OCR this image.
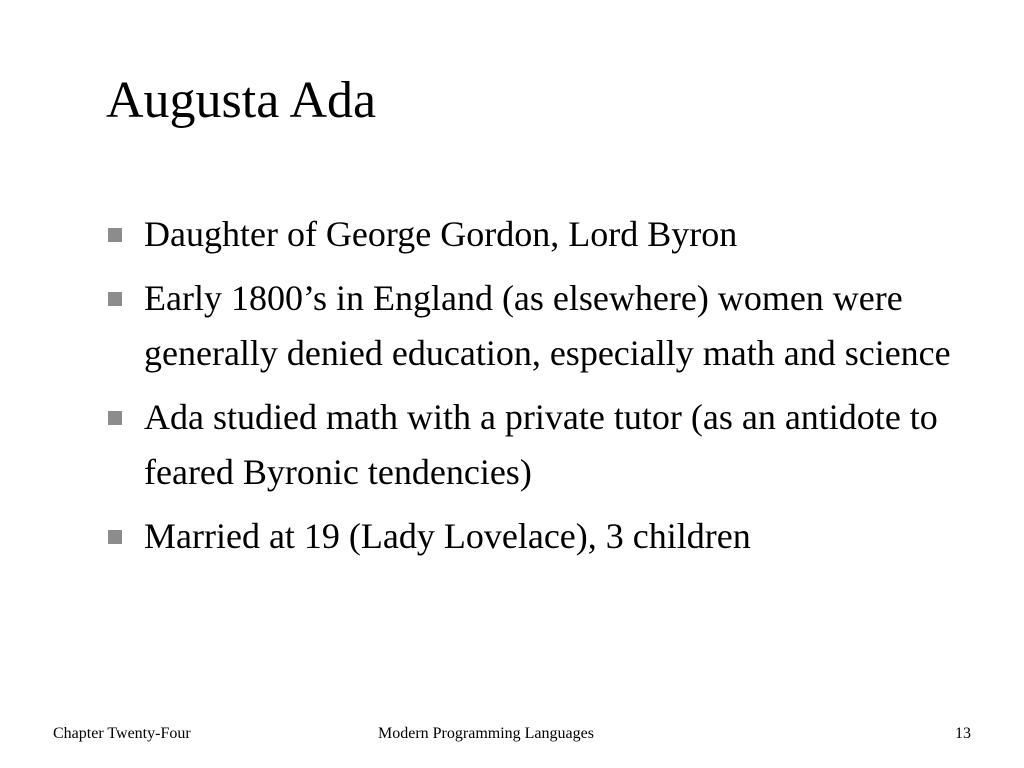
Augusta Ada
Daughter of George Gordon, Lord Byron
Early 1800’s in England (as elsewhere) women were generally denied education, especially math and science
Ada studied math with a private tutor (as an antidote to feared Byronic tendencies)
Married at 19 (Lady Lovelace), 3 children
Chapter Twenty-Four	Modern Programming Languages	13
